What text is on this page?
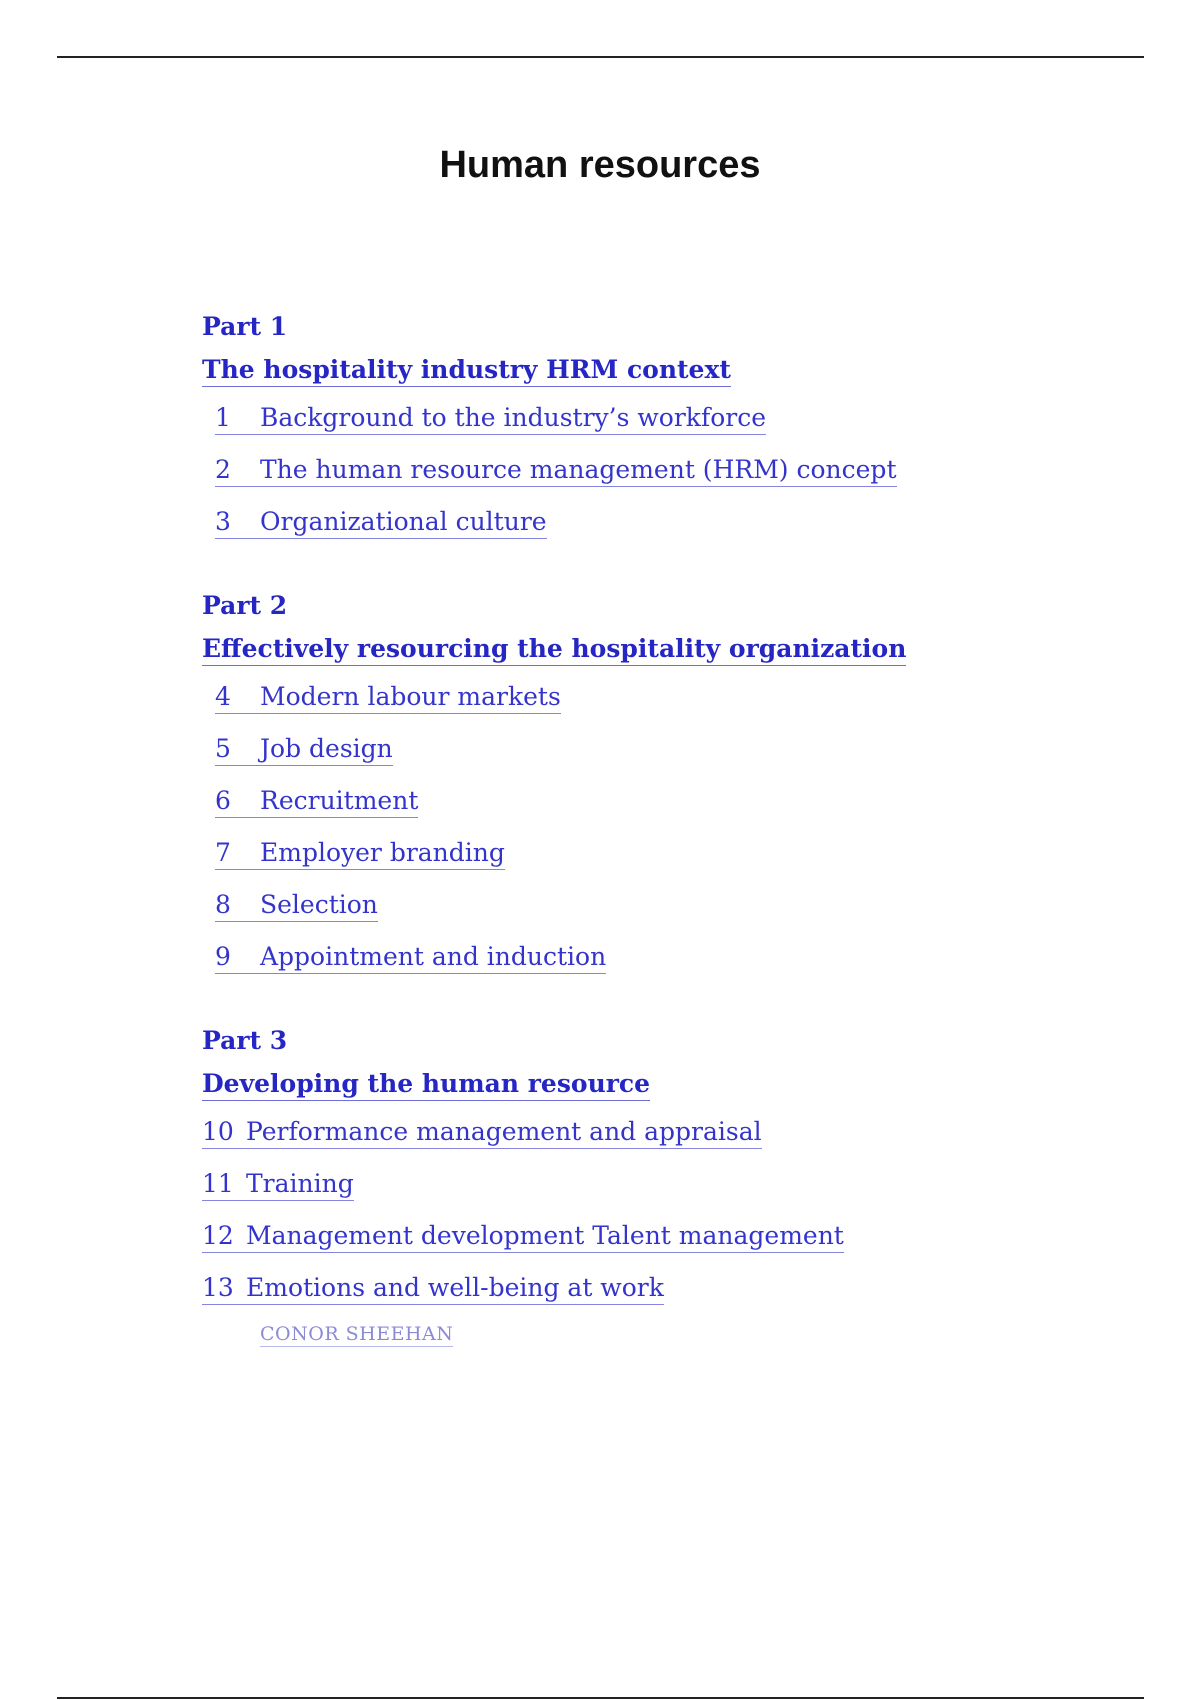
Human resources
Part 1
The hospitality industry HRM context
1 Background to the industry’s workforce
2 The human resource management (HRM) concept
3 Organizational culture
Part 2
Effectively resourcing the hospitality organization
4 Modern labour markets
5 Job design
6 Recruitment
7 Employer branding
8 Selection
9 Appointment and induction
Part 3
Developing the human resource
10 Performance management and appraisal
11 Training
12 Management development Talent management
13 Emotions and well-being at work
CONOR SHEEHAN
